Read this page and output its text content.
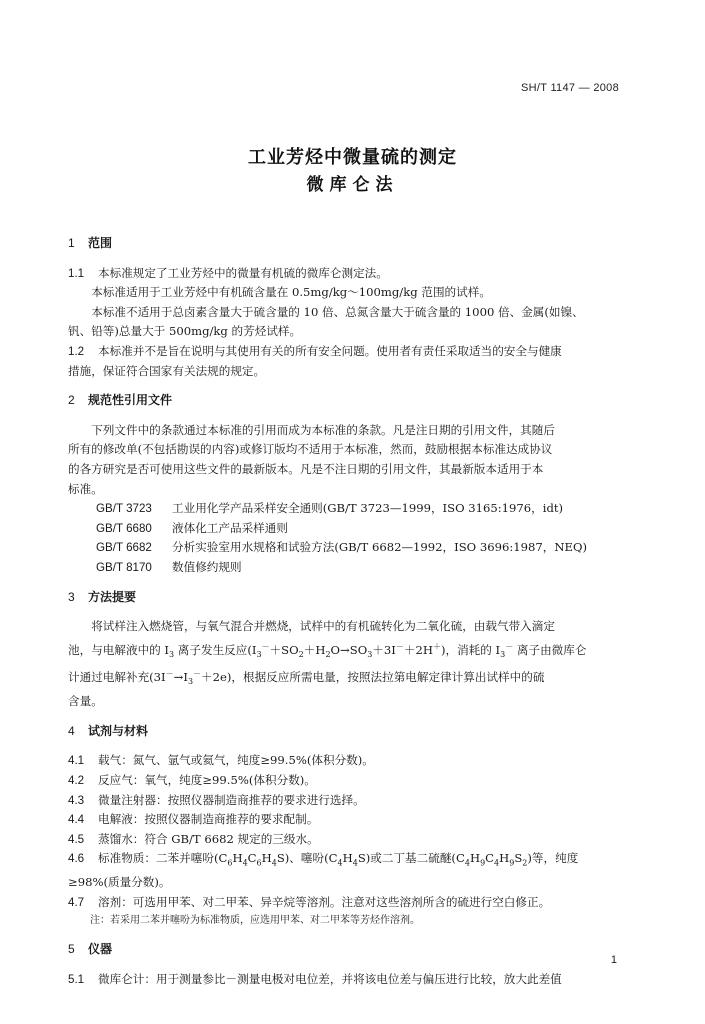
SH/T 1147 — 2008
工业芳烃中微量硫的测定
微库仑法
1 范围
1.1 本标准规定了工业芳烃中的微量有机硫的微库仑测定法。
本标准适用于工业芳烃中有机硫含量在 0.5mg/kg～100mg/kg 范围的试样。
本标准不适用于总卤素含量大于硫含量的 10 倍、总氮含量大于硫含量的 1000 倍、金属(如镍、
钒、铅等)总量大于 500mg/kg 的芳烃试样。
1.2 本标准并不是旨在说明与其使用有关的所有安全问题。使用者有责任采取适当的安全与健康
措施，保证符合国家有关法规的规定。
2 规范性引用文件
下列文件中的条款通过本标准的引用而成为本标准的条款。凡是注日期的引用文件，其随后
所有的修改单(不包括勘误的内容)或修订版均不适用于本标准，然而，鼓励根据本标准达成协议
的各方研究是否可使用这些文件的最新版本。凡是不注日期的引用文件，其最新版本适用于本
标准。
GB/T 3723 工业用化学产品采样安全通则(GB/T 3723—1999，ISO 3165:1976，idt)
GB/T 6680 液体化工产品采样通则
GB/T 6682 分析实验室用水规格和试验方法(GB/T 6682—1992，ISO 3696:1987，NEQ)
GB/T 8170 数值修约规则
3 方法提要
将试样注入燃烧管，与氧气混合并燃烧，试样中的有机硫转化为二氧化硫，由载气带入滴定
池，与电解液中的 $I_3$ 离子发生反应$(I_3^-+SO_2+H_2O\to SO_3+3I^-+2H^+)$，消耗的 $I_3^-$ 离子由微库仑
计通过电解补充$(3I^-\to I_3^-+2e)$，根据反应所需电量，按照法拉第电解定律计算出试样中的硫
含量。
4 试剂与材料
4.1 载气：氮气、氩气或氦气，纯度≥99.5%(体积分数)。
4.2 反应气：氧气，纯度≥99.5%(体积分数)。
4.3 微量注射器：按照仪器制造商推荐的要求进行选择。
4.4 电解液：按照仪器制造商推荐的要求配制。
4.5 蒸馏水：符合 GB/T 6682 规定的三级水。
4.6 标准物质：二苯并噻吩$(C_6H_4C_6H_4S)$、噻吩$(C_4H_4S)$或二丁基二硫醚$(C_4H_9C_4H_9S_2)$等，纯度
≥98%(质量分数)。
4.7 溶剂：可选用甲苯、对二甲苯、异辛烷等溶剂。注意对这些溶剂所含的硫进行空白修正。
注：若采用二苯并噻吩为标准物质，应选用甲苯、对二甲苯等芳烃作溶剂。
5 仪器
5.1 微库仑计：用于测量参比－测量电极对电位差，并将该电位差与偏压进行比较，放大此差值
1
